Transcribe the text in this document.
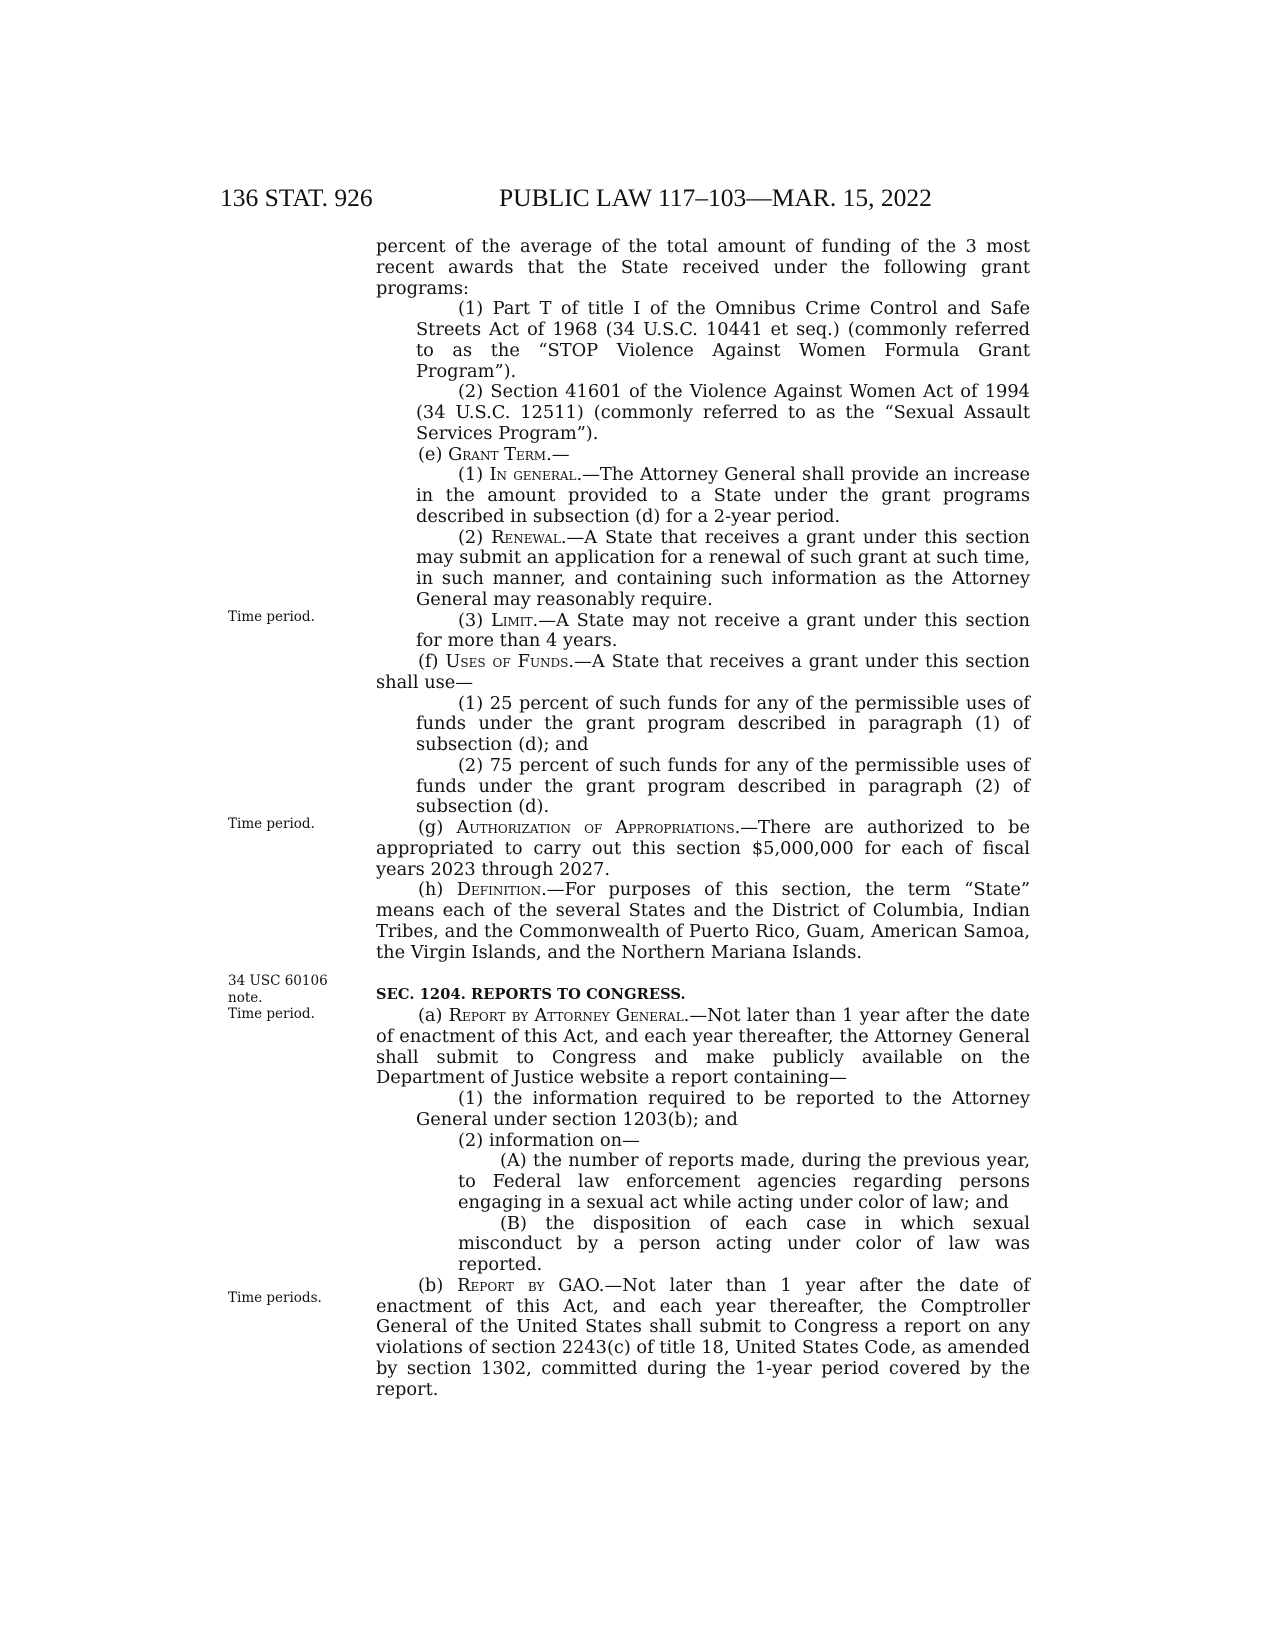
136 STAT. 926	PUBLIC LAW 117–103—MAR. 15, 2022
Time period.
Time period.
34 USC 60106
note.
Time period.
Time periods.

percent of the average of the total amount of funding of the 3 most recent awards that the State received under the following grant programs:

(1) Part T of title I of the Omnibus Crime Control and Safe Streets Act of 1968 (34 U.S.C. 10441 et seq.) (commonly referred to as the “STOP Violence Against Women Formula Grant Program”).

(2) Section 41601 of the Violence Against Women Act of 1994 (34 U.S.C. 12511) (commonly referred to as the “Sexual Assault Services Program”).

(e) Grant Term.—

(1) In general.—The Attorney General shall provide an increase in the amount provided to a State under the grant programs described in subsection (d) for a 2-year period.

(2) Renewal.—A State that receives a grant under this section may submit an application for a renewal of such grant at such time, in such manner, and containing such information as the Attorney General may reasonably require.

(3) Limit.—A State may not receive a grant under this section for more than 4 years.

(f) Uses of Funds.—A State that receives a grant under this section shall use—

(1) 25 percent of such funds for any of the permissible uses of funds under the grant program described in paragraph (1) of subsection (d); and

(2) 75 percent of such funds for any of the permissible uses of funds under the grant program described in paragraph (2) of subsection (d).

(g) Authorization of Appropriations.—There are authorized to be appropriated to carry out this section $5,000,000 for each of fiscal years 2023 through 2027.

(h) Definition.—For purposes of this section, the term “State” means each of the several States and the District of Columbia, Indian Tribes, and the Commonwealth of Puerto Rico, Guam, American Samoa, the Virgin Islands, and the Northern Mariana Islands.

SEC. 1204. REPORTS TO CONGRESS.

(a) Report by Attorney General.—Not later than 1 year after the date of enactment of this Act, and each year thereafter, the Attorney General shall submit to Congress and make publicly available on the Department of Justice website a report containing—

(1) the information required to be reported to the Attorney General under section 1203(b); and

(2) information on—

(A) the number of reports made, during the previous year, to Federal law enforcement agencies regarding persons engaging in a sexual act while acting under color of law; and

(B) the disposition of each case in which sexual misconduct by a person acting under color of law was reported.

(b) Report by GAO.—Not later than 1 year after the date of enactment of this Act, and each year thereafter, the Comptroller General of the United States shall submit to Congress a report on any violations of section 2243(c) of title 18, United States Code, as amended by section 1302, committed during the 1-year period covered by the report.
